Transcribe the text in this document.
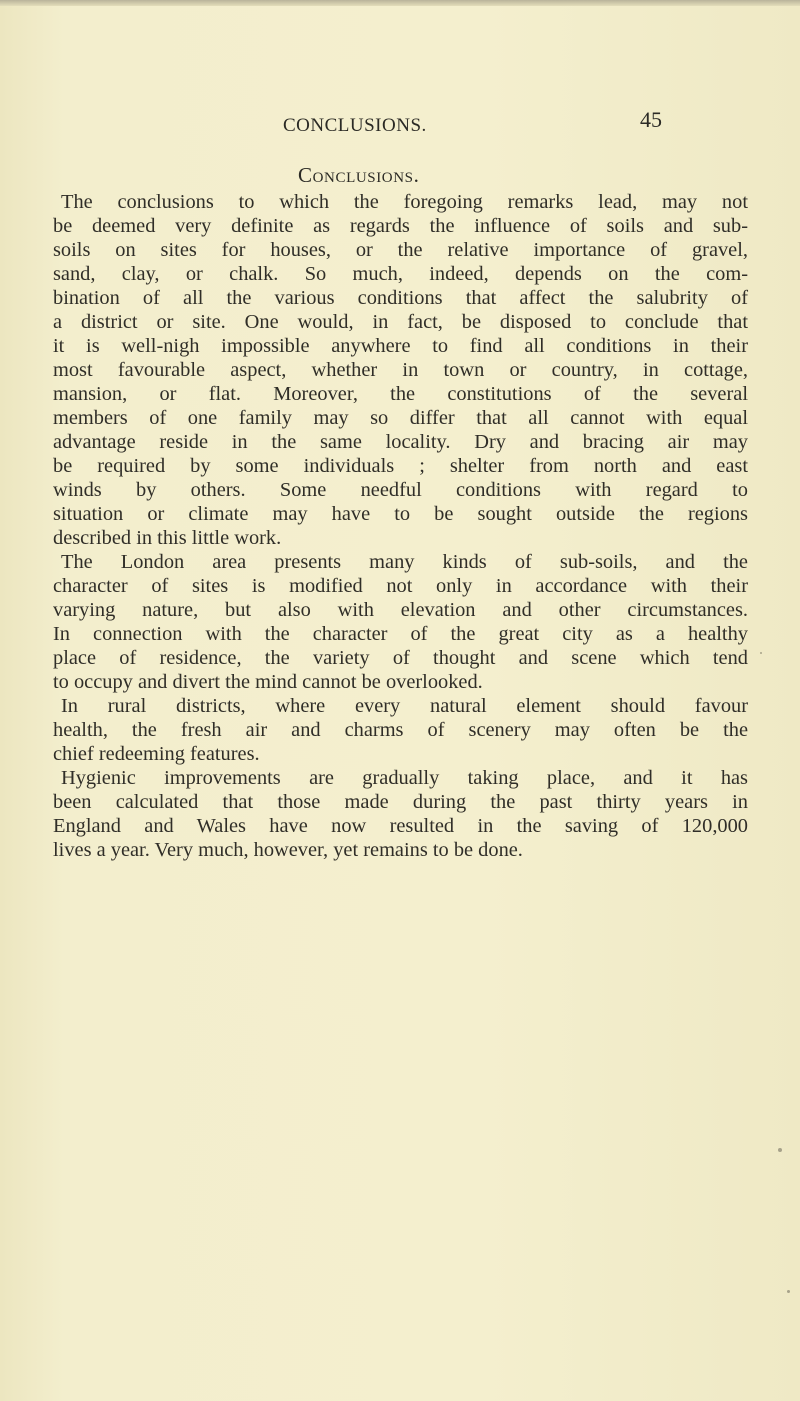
CONCLUSIONS.	45
Conclusions.
The conclusions to which the foregoing remarks lead, may not
be deemed very definite as regards the influence of soils and sub-
soils on sites for houses, or the relative importance of gravel,
sand, clay, or chalk. So much, indeed, depends on the com-
bination of all the various conditions that affect the salubrity of
a district or site. One would, in fact, be disposed to conclude that
it is well-nigh impossible anywhere to find all conditions in their
most favourable aspect, whether in town or country, in cottage,
mansion, or flat. Moreover, the constitutions of the several
members of one family may so differ that all cannot with equal
advantage reside in the same locality. Dry and bracing air may
be required by some individuals ; shelter from north and east
winds by others. Some needful conditions with regard to
situation or climate may have to be sought outside the regions
described in this little work.
The London area presents many kinds of sub-soils, and the
character of sites is modified not only in accordance with their
varying nature, but also with elevation and other circumstances.
In connection with the character of the great city as a healthy
place of residence, the variety of thought and scene which tend
to occupy and divert the mind cannot be overlooked.
In rural districts, where every natural element should favour
health, the fresh air and charms of scenery may often be the
chief redeeming features.
Hygienic improvements are gradually taking place, and it has
been calculated that those made during the past thirty years in
England and Wales have now resulted in the saving of 120,000
lives a year. Very much, however, yet remains to be done.
